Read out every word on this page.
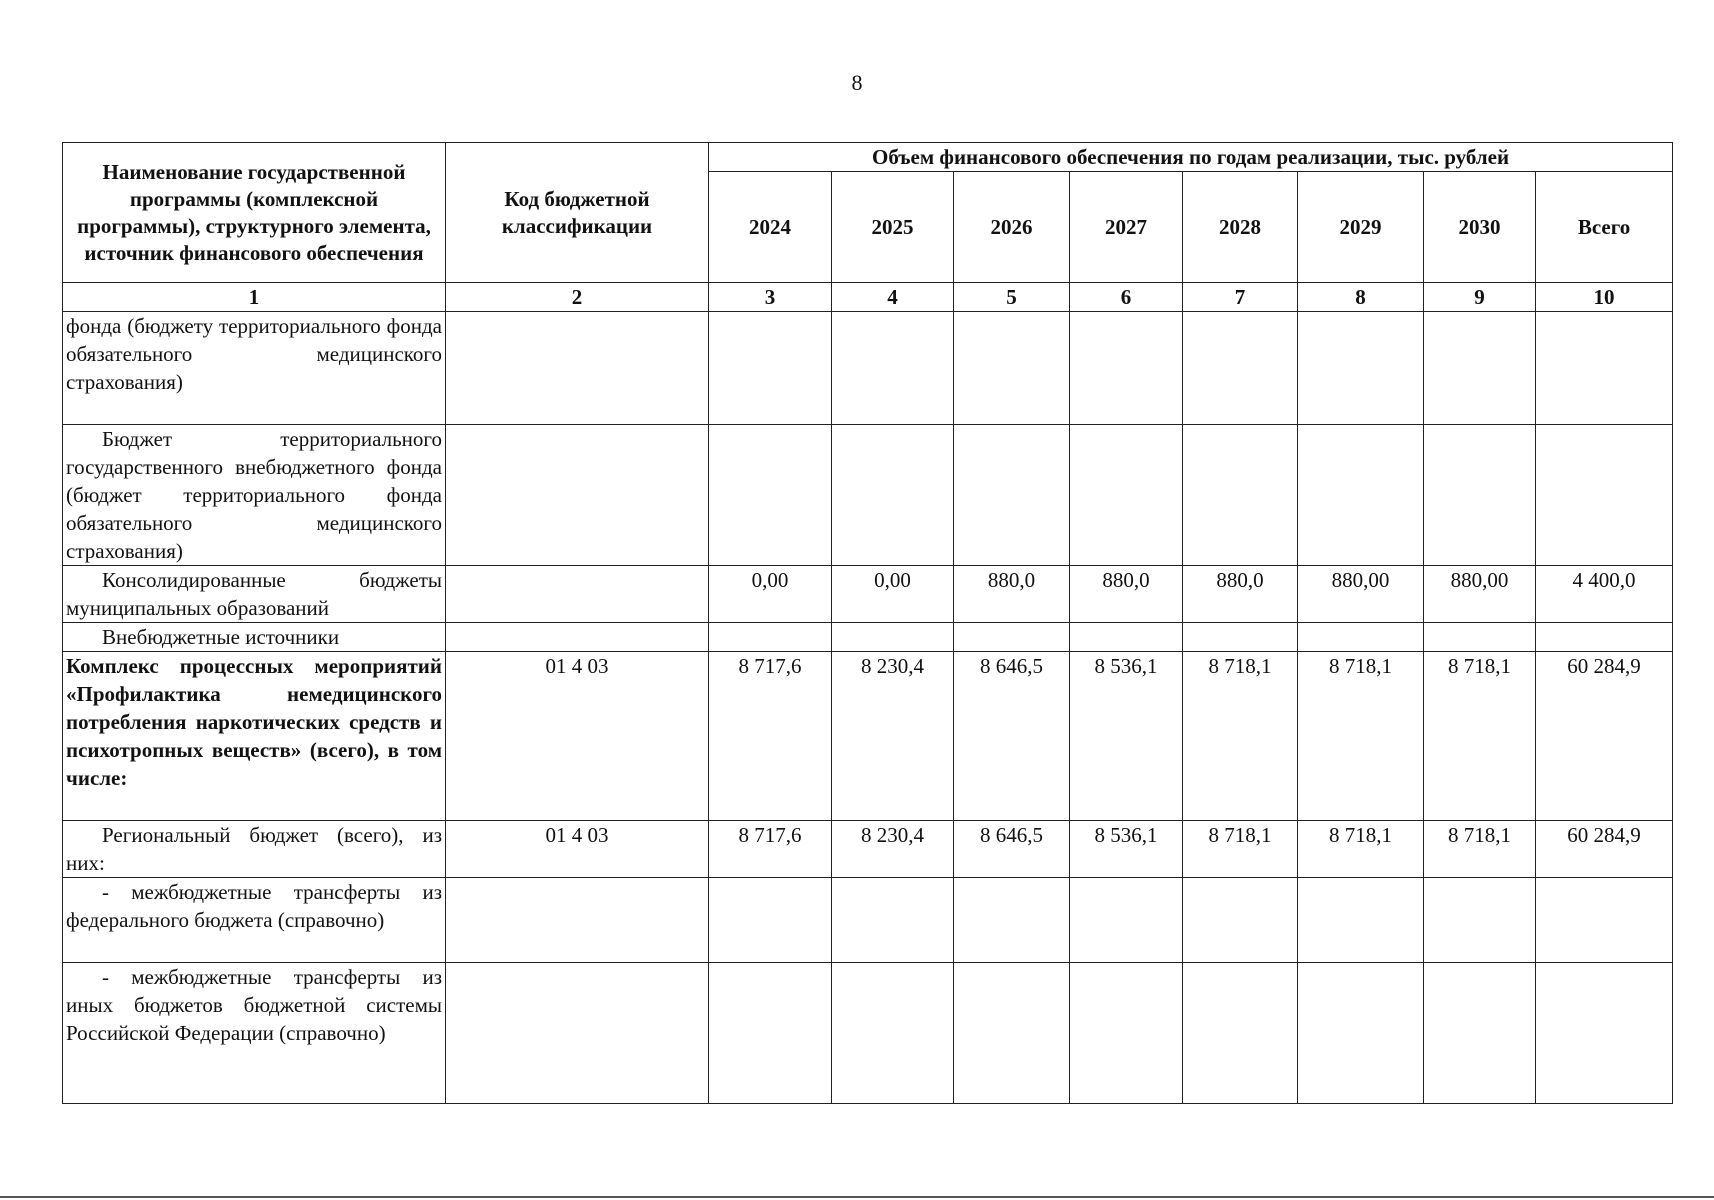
8
Наименование государственной программы (комплексной программы), структурного элемента, источник финансового обеспечения	Код бюджетной классификации	Объем финансового обеспечения по годам реализации, тыс. рублей							
		2024	2025	2026	2027	2028	2029	2030	Всего
1	2	3	4	5	6	7	8	9	10
фонда (бюджету территориального фонда обязательного медицинского страхования)									
Бюджет территориального государственного внебюджетного фонда (бюджет территориального фонда обязательного медицинского страхования)									
Консолидированные бюджеты муниципальных образований		0,00	0,00	880,0	880,0	880,0	880,00	880,00	4 400,0
Внебюджетные источники									
Комплекс процессных мероприятий «Профилактика немедицинского потребления наркотических средств и психотропных веществ» (всего), в том числе:	01 4 03	8 717,6	8 230,4	8 646,5	8 536,1	8 718,1	8 718,1	8 718,1	60 284,9
Региональный бюджет (всего), из них:	01 4 03	8 717,6	8 230,4	8 646,5	8 536,1	8 718,1	8 718,1	8 718,1	60 284,9
- межбюджетные трансферты из федерального бюджета (справочно)									
- межбюджетные трансферты из иных бюджетов бюджетной системы Российской Федерации (справочно)									
